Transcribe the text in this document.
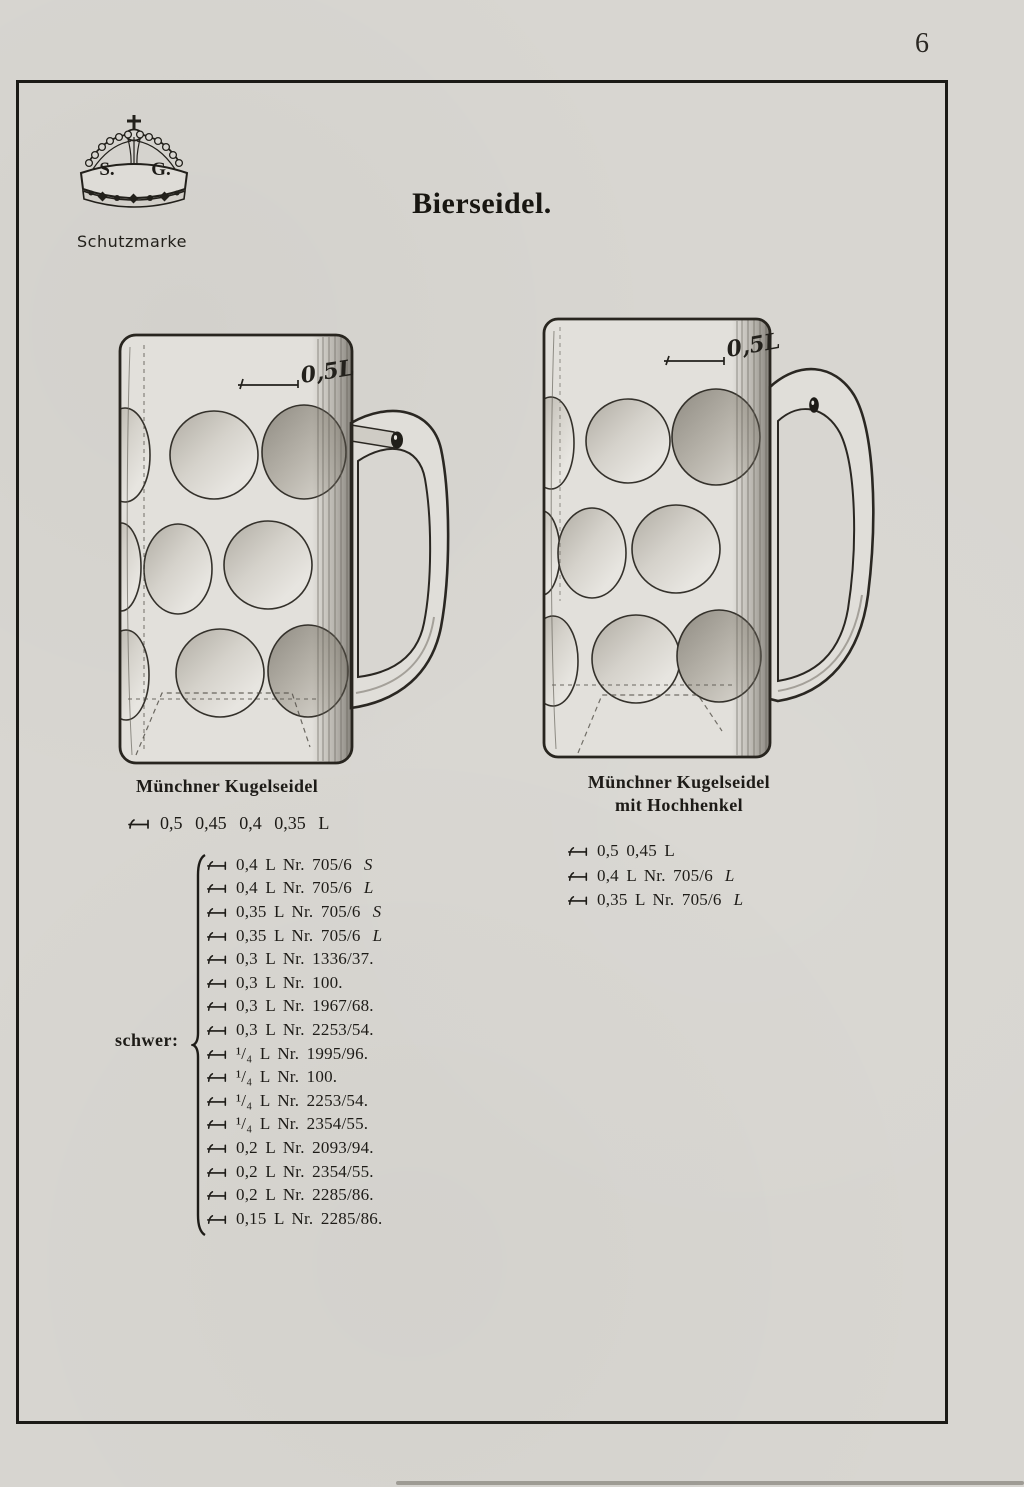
6
S. G.
Schutzmarke
Bierseidel.
0,5L
0,5L
Münchner Kugelseidel
0,5 0,45 0,4 0,35 L
schwer:
0,4 L Nr. 705/6 S
0,4 L Nr. 705/6 L
0,35 L Nr. 705/6 S
0,35 L Nr. 705/6 L
0,3 L Nr. 1336/37.
0,3 L Nr. 100.
0,3 L Nr. 1967/68.
0,3 L Nr. 2253/54.
¹/₄ L Nr. 1995/96.
¹/₄ L Nr. 100.
¹/₄ L Nr. 2253/54.
¹/₄ L Nr. 2354/55.
0,2 L Nr. 2093/94.
0,2 L Nr. 2354/55.
0,2 L Nr. 2285/86.
0,15 L Nr. 2285/86.
Münchner Kugelseidel
mit Hochhenkel
0,5 0,45 L
0,4 L Nr. 705/6 L
0,35 L Nr. 705/6 L
